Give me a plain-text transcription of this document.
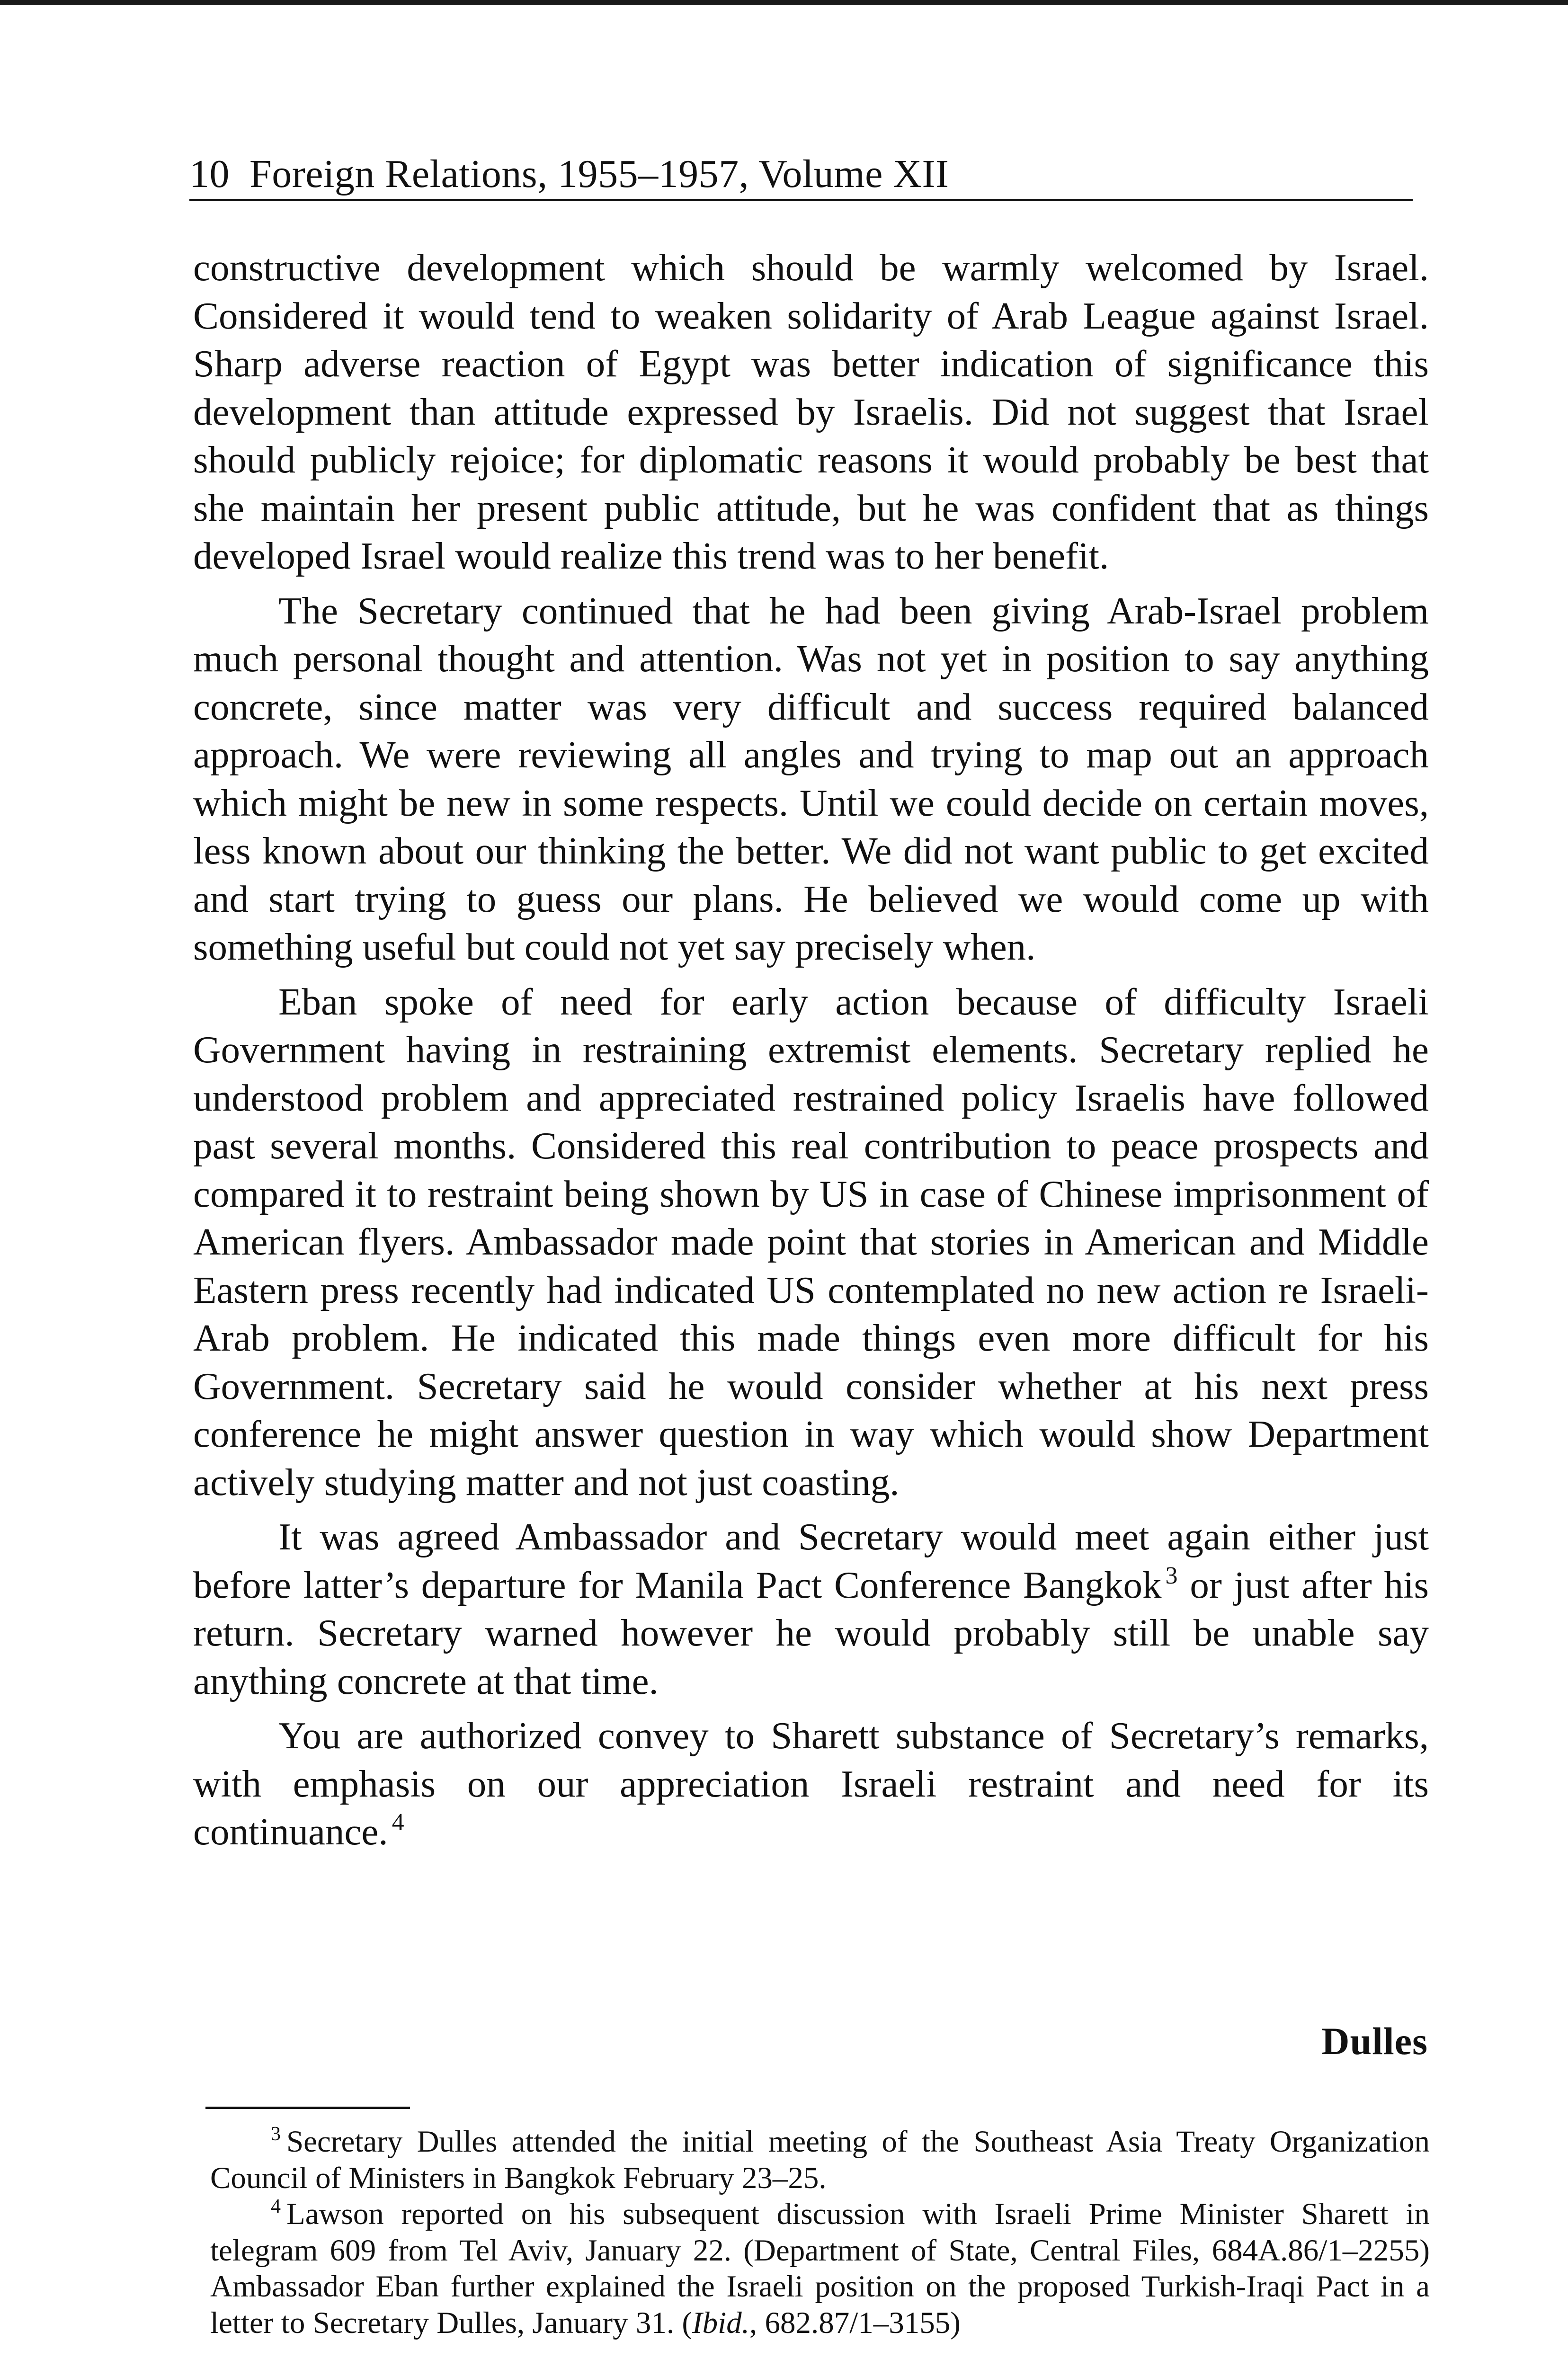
10 Foreign Relations, 1955–1957, Volume XII

constructive development which should be warmly welcomed by Israel. Considered it would tend to weaken solidarity of Arab League against Israel. Sharp adverse reaction of Egypt was better indication of significance this development than attitude expressed by Israelis. Did not suggest that Israel should publicly rejoice; for diplomatic reasons it would probably be best that she maintain her present public attitude, but he was confident that as things developed Israel would realize this trend was to her benefit.

The Secretary continued that he had been giving Arab-Israel problem much personal thought and attention. Was not yet in position to say anything concrete, since matter was very difficult and success required balanced approach. We were reviewing all angles and trying to map out an approach which might be new in some respects. Until we could decide on certain moves, less known about our thinking the better. We did not want public to get excited and start trying to guess our plans. He believed we would come up with something useful but could not yet say precisely when.

Eban spoke of need for early action because of difficulty Israeli Government having in restraining extremist elements. Secretary replied he understood problem and appreciated restrained policy Israelis have followed past several months. Considered this real contribution to peace prospects and compared it to restraint being shown by US in case of Chinese imprisonment of American flyers. Ambassador made point that stories in American and Middle Eastern press recently had indicated US contemplated no new action re Israeli-Arab problem. He indicated this made things even more difficult for his Government. Secretary said he would consider whether at his next press conference he might answer question in way which would show Department actively studying matter and not just coasting.

It was agreed Ambassador and Secretary would meet again either just before latter’s departure for Manila Pact Conference Bangkok $^3$ or just after his return. Secretary warned however he would probably still be unable say anything concrete at that time.

You are authorized convey to Sharett substance of Secretary’s remarks, with emphasis on our appreciation Israeli restraint and need for its continuance. $^4$

Dulles

$^3$ Secretary Dulles attended the initial meeting of the Southeast Asia Treaty Organization Council of Ministers in Bangkok February 23–25.

$^4$ Lawson reported on his subsequent discussion with Israeli Prime Minister Sharett in telegram 609 from Tel Aviv, January 22. (Department of State, Central Files, 684A.86/1–2255) Ambassador Eban further explained the Israeli position on the proposed Turkish-Iraqi Pact in a letter to Secretary Dulles, January 31. (Ibid., 682.87/1–3155)
